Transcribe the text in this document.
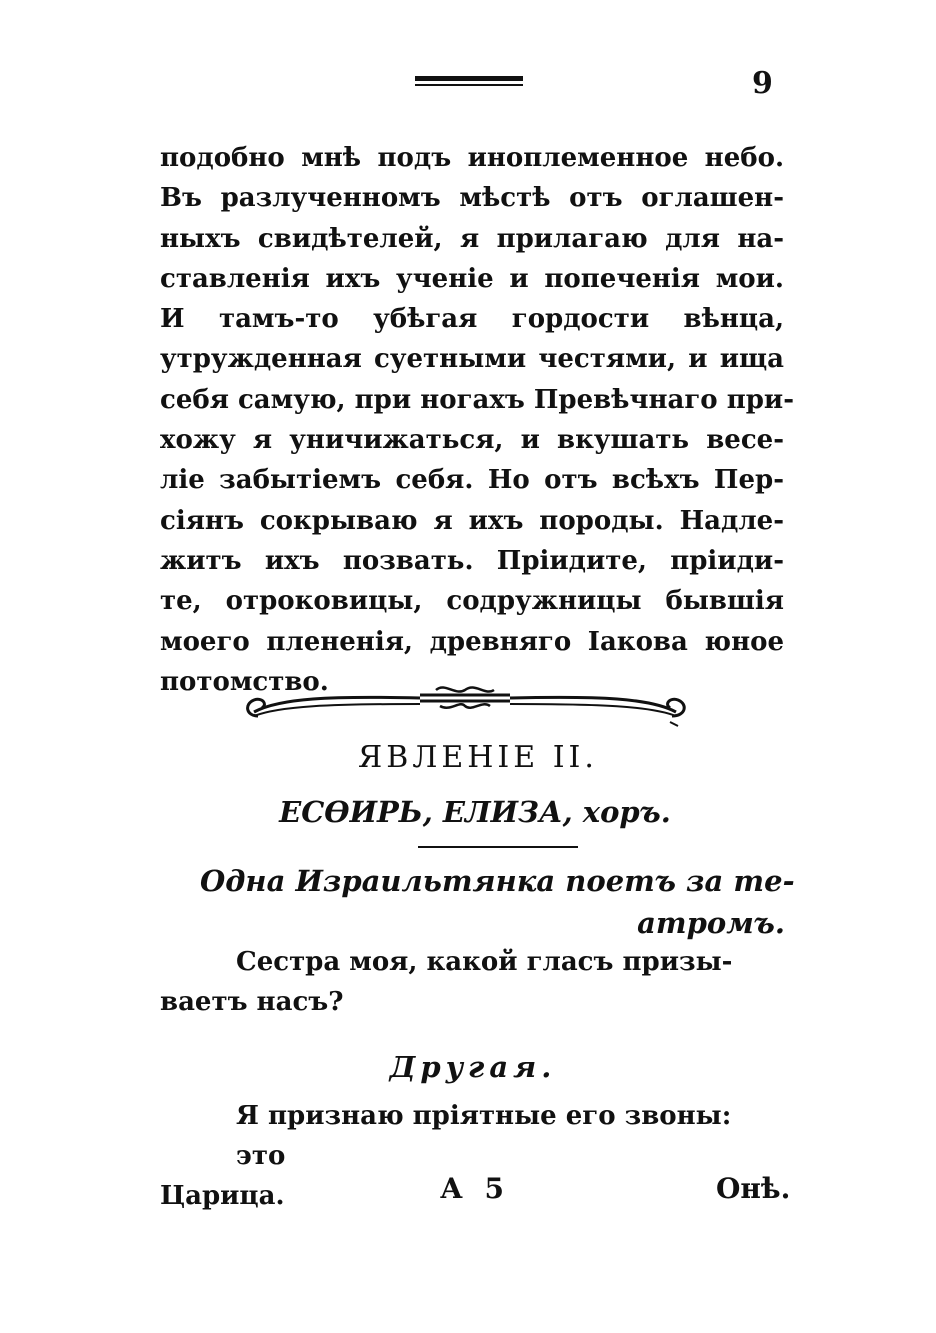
9
подобно мнѣ подъ иноплеменное небо.
Въ разлученномъ мѣстѣ отъ оглашен-
ныхъ свидѣтелей, я прилагаю для на-
ставленія ихъ ученіе и попеченія мои.
И тамъ-то убѣгая гордости вѣнца,
утружденная суетными честями, и ища
себя самую, при ногахъ Превѣчнаго при-
хожу я уничижаться, и вкушать весе-
ліе забытіемъ себя. Но отъ всѣхъ Пер-
сіянъ сокрываю я ихъ породы. Надле-
житъ ихъ позвать. Пріидите, пріиди-
те, отроковицы, содружницы бывшія
моего плененія, древняго Іакова юное
потомство.
ЯВЛЕНІЕ II.
ЕСѲИРЬ, ЕЛИЗА, хоръ.
Одна Израильтянка поетъ за те-
атромъ.
Сестра моя, какой гласъ призы-
ваетъ насъ?
Другая.
Я признаю пріятные его звоны: это
Царица.	А 5	Онѣ.
